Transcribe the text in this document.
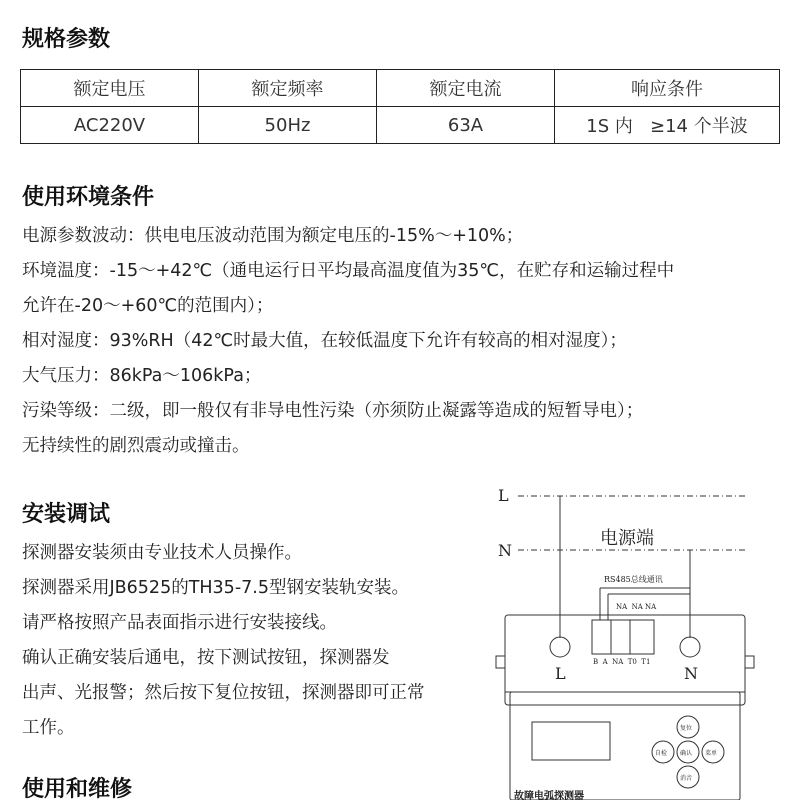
规格参数
额定电压	额定频率	额定电流	响应条件
AC220V	50Hz	63A	1S 内   ≥14 个半波
使用环境条件
电源参数波动：供电电压波动范围为额定电压的-15%～+10%；
环境温度：-15～+42℃（通电运行日平均最高温度值为35℃，在贮存和运输过程中
允许在-20～+60℃的范围内）；
相对湿度：93%RH（42℃时最大值，在较低温度下允许有较高的相对湿度）；
大气压力：86kPa～106kPa；
污染等级：二级，即一般仅有非导电性污染（亦须防止凝露等造成的短暂导电）；
无持续性的剧烈震动或撞击。
安装调试
探测器安装须由专业技术人员操作。
探测器采用JB6525的TH35-7.5型钢安装轨安装。
请严格按照产品表面指示进行安装接线。
确认正确安装后通电，按下测试按钮，探测器发
出声、光报警；然后按下复位按钮，探测器即可正常
工作。
使用和维修
L
N
电源端
RS485总线通讯
NA  NA NA
B  A  NA  T0  T1
L	N
复位
自检 确认 菜单
消音
故障电弧探测器
